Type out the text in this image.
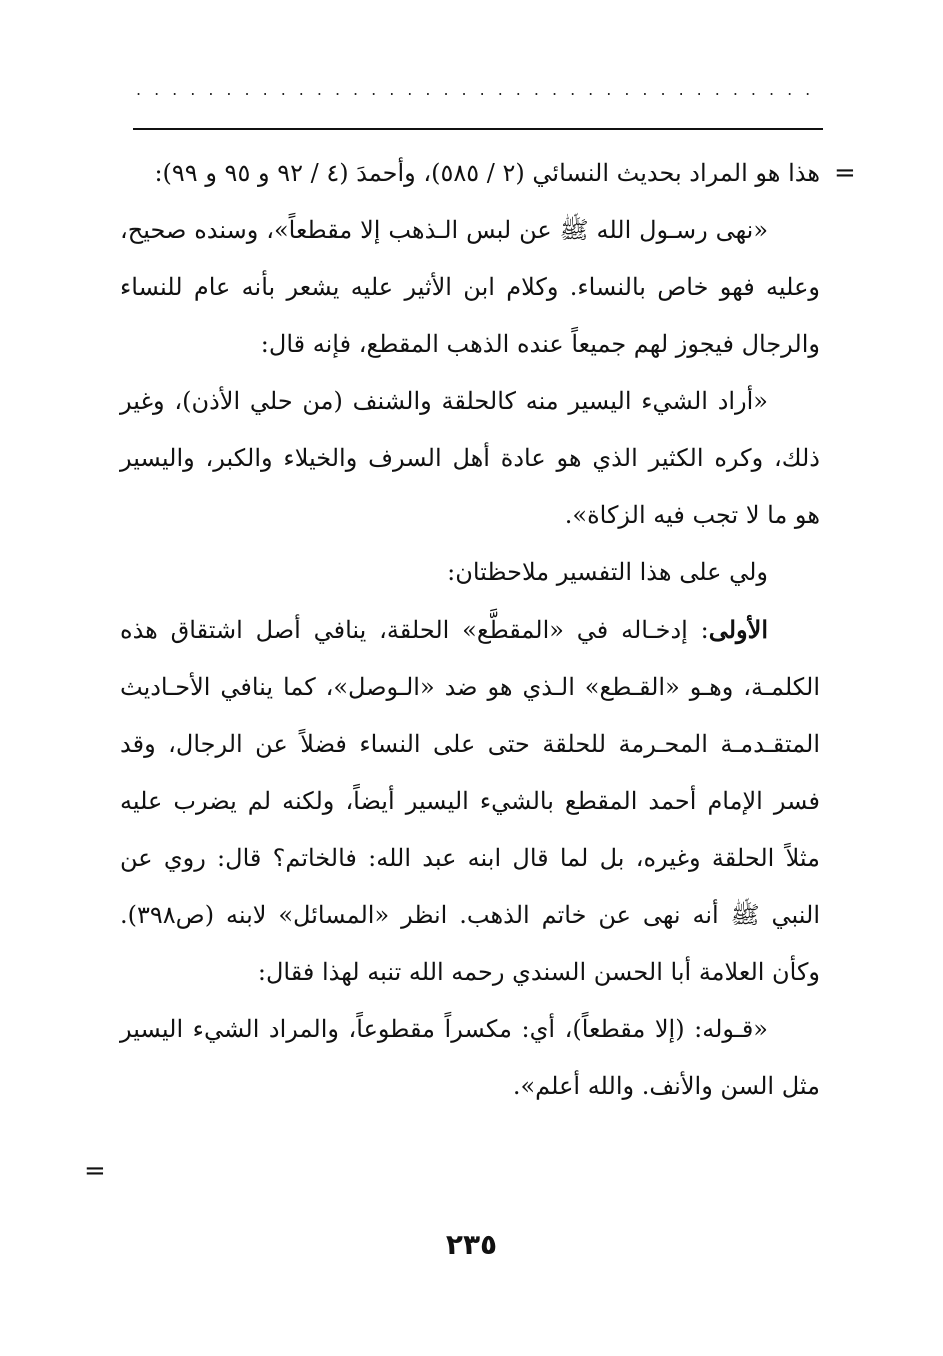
......................................
=

هذا هو المراد بحديث النسائي (٢ / ٥٨٥)، وأحمدَ (٤ / ٩٢ و ٩٥ و ٩٩):

«نهى رسـول الله ﷺ عن لبس الـذهب إلا مقطعاً»، وسنده صحيح، وعليه فهو خاص بالنساء. وكلام ابن الأثير عليه يشعر بأنه عام للنساء والرجال فيجوز لهم جميعاً عنده الذهب المقطع، فإنه قال:

«أراد الشيء اليسير منه كالحلقة والشنف (من حلي الأذن)، وغير ذلك، وكره الكثير الذي هو عادة أهل السرف والخيلاء والكبر، واليسير هو ما لا تجب فيه الزكاة».

ولي على هذا التفسير ملاحظتان:

الأولى: إدخـاله في «المقطَّع» الحلقة، ينافي أصل اشتقاق هذه الكلمـة، وهـو «القـطع» الـذي هو ضد «الـوصل»، كما ينافي الأحـاديث المتقـدمـة المحـرمة للحلقة حتى على النساء فضلاً عن الرجال، وقد فسر الإمام أحمد المقطع بالشيء اليسير أيضاً، ولكنه لم يضرب عليه مثلاً الحلقة وغيره، بل لما قال ابنه عبد الله: فالخاتم؟ قال: روي عن النبي ﷺ أنه نهى عن خاتم الذهب. انظر «المسائل» لابنه (ص٣٩٨). وكأن العلامة أبا الحسن السندي رحمه الله تنبه لهذا فقال:

«قـوله: (إلا مقطعاً)، أي: مكسراً مقطوعاً، والمراد الشيء اليسير مثل السن والأنف. والله أعلم».

=
٢٣٥
